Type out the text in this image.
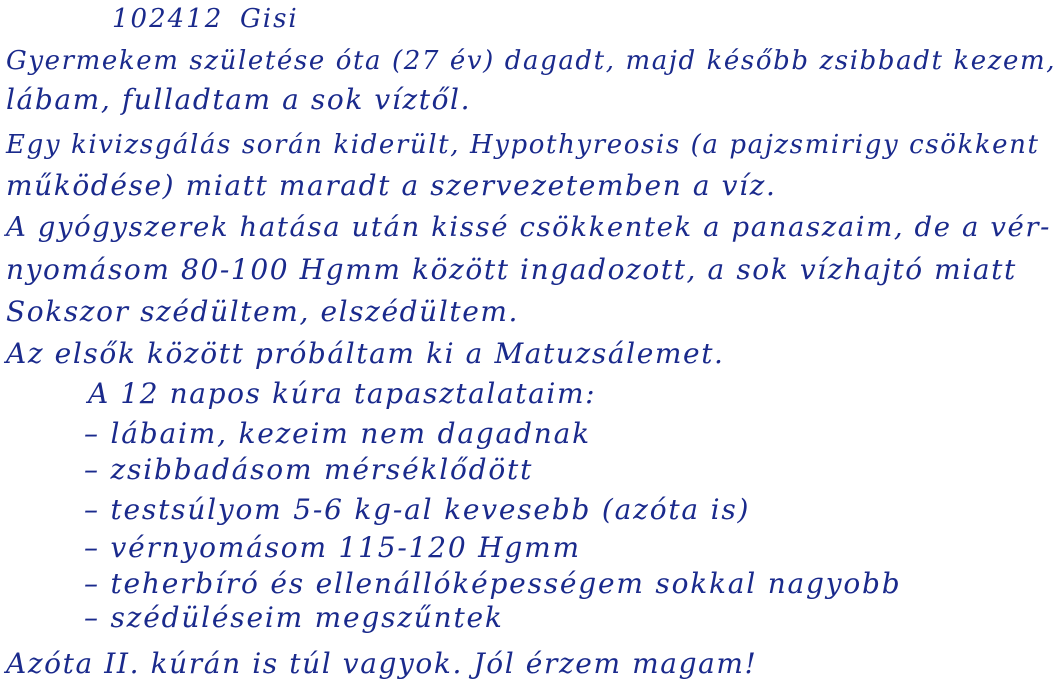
102412 Gisi
Gyermekem születése óta (27 év) dagadt, majd később zsibbadt kezem,
lábam, fulladtam a sok víztől.
Egy kivizsgálás során kiderült, Hypothyreosis (a pajzsmirigy csökkent
működése) miatt maradt a szervezetemben a víz.
A gyógyszerek hatása után kissé csökkentek a panaszaim, de a vér-
nyomásom 80-100 Hgmm között ingadozott, a sok vízhajtó miatt
Sokszor szédültem, elszédültem.
Az elsők között próbáltam ki a Matuzsálemet.
A 12 napos kúra tapasztalataim:
– lábaim, kezeim nem dagadnak
– zsibbadásom mérséklődött
– testsúlyom 5-6 kg-al kevesebb (azóta is)
– vérnyomásom 115-120 Hgmm
– teherbíró és ellenállóképességem sokkal nagyobb
– szédüléseim megszűntek
Azóta II. kúrán is túl vagyok. Jól érzem magam!
